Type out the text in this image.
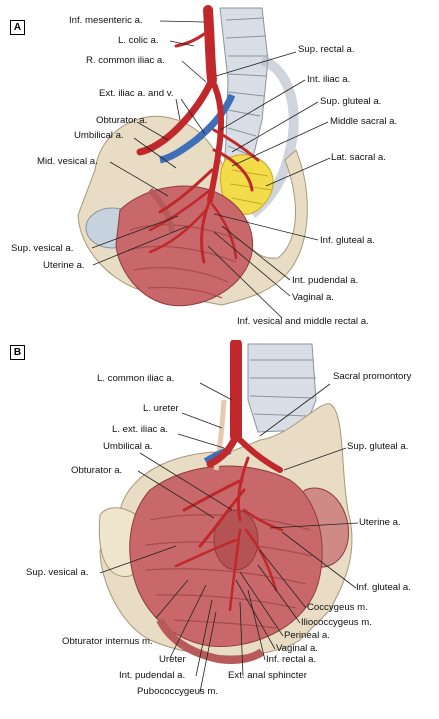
A
Inf. mesenteric a.
L. colic a.
R. common iliac a.
Ext. iliac a. and v.
Obturator a.
Umbilical a.
Mid. vesical a.
Sup. vesical a.
Uterine a.
Sup. rectal a.
Int. iliac a.
Sup. gluteal a.
Middle sacral a.
Lat. sacral a.
Inf. gluteal a.
Int. pudendal a.
Vaginal a.
Inf. vesical and middle rectal a.
B
L. common iliac a.	Sacral promontory
L. ureter
L. ext. iliac a.
Sup. gluteal a.
Umbilical a.
Obturator a.
Uterine a.
Sup. vesical a.
Inf. gluteal a.
Coccygeus m.
Iliococcygeus m.
Perineal a.
Obturator internus m.
Vaginal a.
Inf. rectal a.
Ureter
Ext. anal sphincter
Int. pudendal a.
Pubococcygeus m.
